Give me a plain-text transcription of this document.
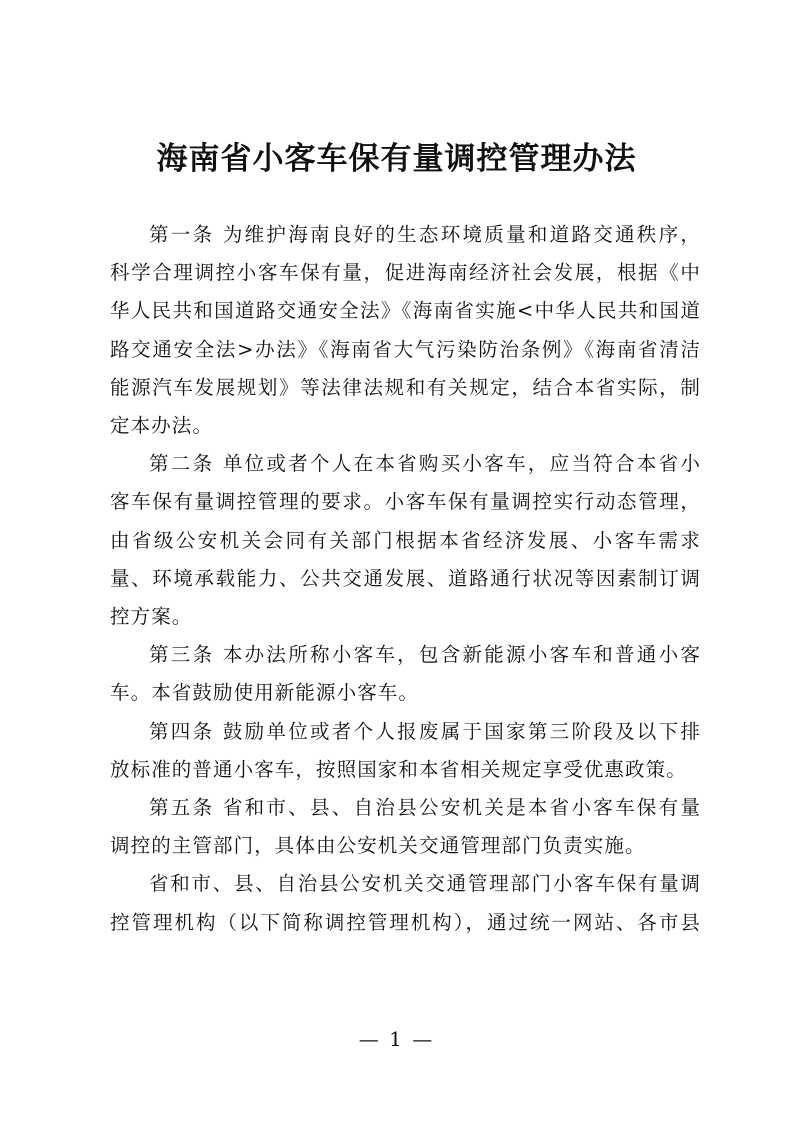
海南省小客车保有量调控管理办法

第一条 为维护海南良好的生态环境质量和道路交通秩序，
科学合理调控小客车保有量，促进海南经济社会发展，根据《中
华人民共和国道路交通安全法》《海南省实施<中华人民共和国道
路交通安全法>办法》《海南省大气污染防治条例》《海南省清洁
能源汽车发展规划》等法律法规和有关规定，结合本省实际，制
定本办法。

第二条 单位或者个人在本省购买小客车，应当符合本省小
客车保有量调控管理的要求。小客车保有量调控实行动态管理，
由省级公安机关会同有关部门根据本省经济发展、小客车需求
量、环境承载能力、公共交通发展、道路通行状况等因素制订调
控方案。

第三条 本办法所称小客车，包含新能源小客车和普通小客
车。本省鼓励使用新能源小客车。

第四条 鼓励单位或者个人报废属于国家第三阶段及以下排
放标准的普通小客车，按照国家和本省相关规定享受优惠政策。

第五条 省和市、县、自治县公安机关是本省小客车保有量
调控的主管部门，具体由公安机关交通管理部门负责实施。

省和市、县、自治县公安机关交通管理部门小客车保有量调
控管理机构（以下简称调控管理机构），通过统一网站、各市县

— 1 —
